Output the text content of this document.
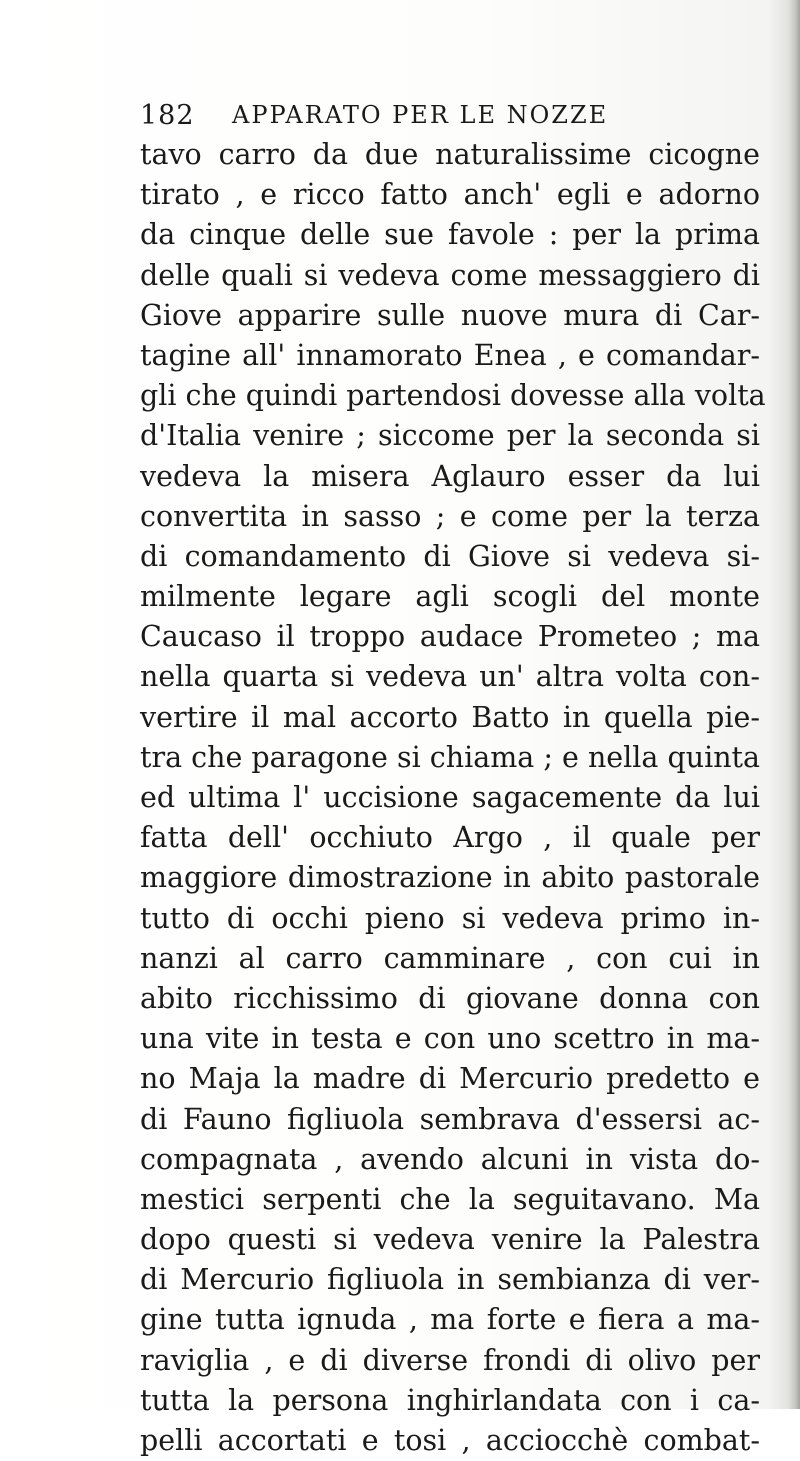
182 APPARATO PER LE NOZZE
tavo carro da due naturalissime cicogne
tirato , e ricco fatto anch' egli e adorno
da cinque delle sue favole : per la prima
delle quali si vedeva come messaggiero di
Giove apparire sulle nuove mura di Car-
tagine all' innamorato Enea , e comandar-
gli che quindi partendosi dovesse alla volta
d'Italia venire ; siccome per la seconda si
vedeva la misera Aglauro esser da lui
convertita in sasso ; e come per la terza
di comandamento di Giove si vedeva si-
milmente legare agli scogli del monte
Caucaso il troppo audace Prometeo ; ma
nella quarta si vedeva un' altra volta con-
vertire il mal accorto Batto in quella pie-
tra che paragone si chiama ; e nella quinta
ed ultima l' uccisione sagacemente da lui
fatta dell' occhiuto Argo , il quale per
maggiore dimostrazione in abito pastorale
tutto di occhi pieno si vedeva primo in-
nanzi al carro camminare , con cui in
abito ricchissimo di giovane donna con
una vite in testa e con uno scettro in ma-
no Maja la madre di Mercurio predetto e
di Fauno figliuola sembrava d'essersi ac-
compagnata , avendo alcuni in vista do-
mestici serpenti che la seguitavano. Ma
dopo questi si vedeva venire la Palestra
di Mercurio figliuola in sembianza di ver-
gine tutta ignuda , ma forte e fiera a ma-
raviglia , e di diverse frondi di olivo per
tutta la persona inghirlandata con i ca-
pelli accortati e tosi , acciocchè combat-
